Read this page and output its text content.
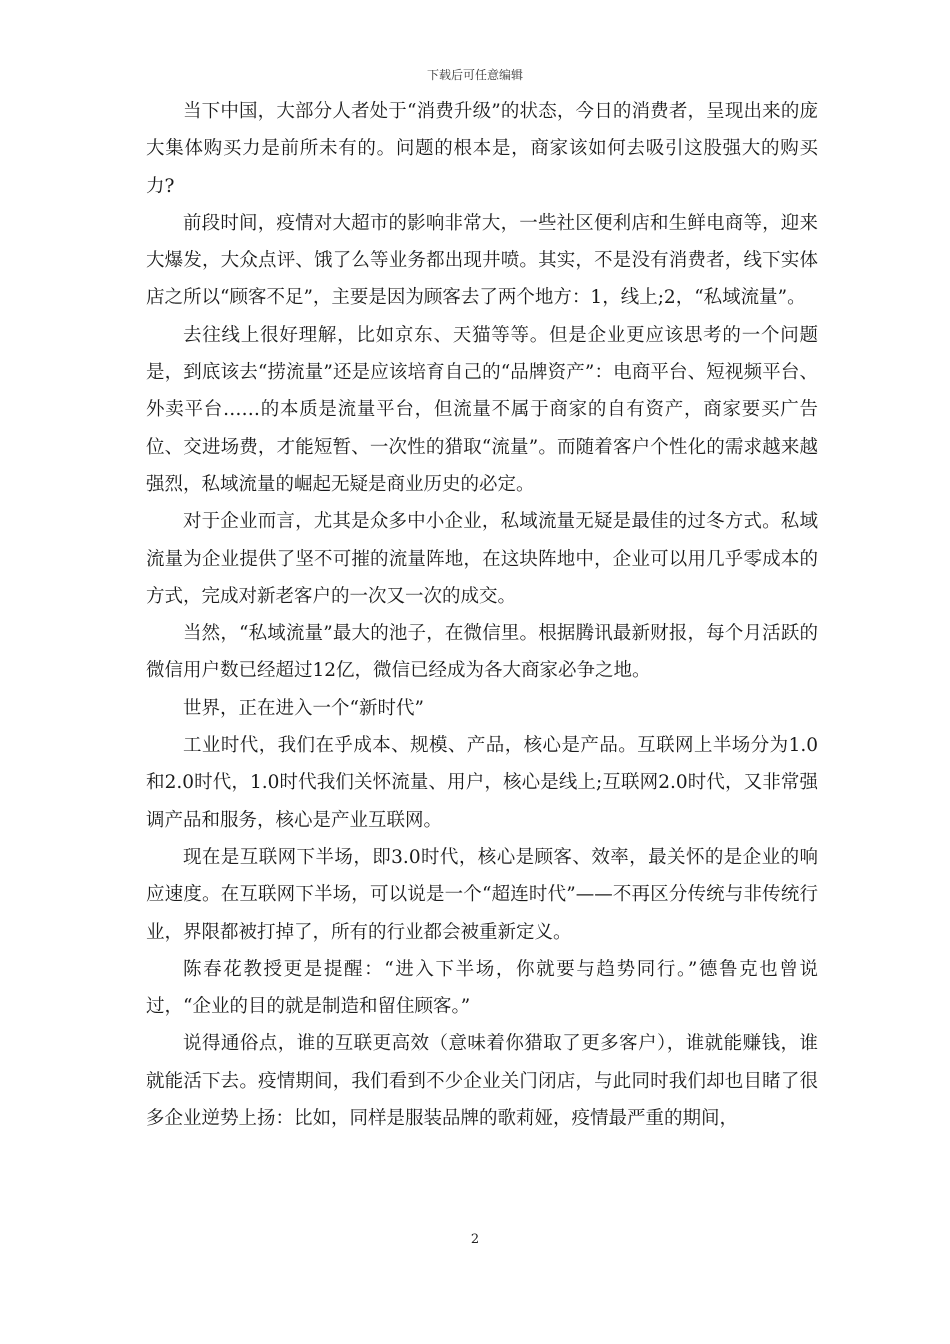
下载后可任意编辑

当下中国，大部分人者处于“消费升级”的状态，今日的消费者，呈现出来的庞大集体购买力是前所未有的。问题的根本是，商家该如何去吸引这股强大的购买力?

前段时间，疫情对大超市的影响非常大，一些社区便利店和生鲜电商等，迎来大爆发，大众点评、饿了么等业务都出现井喷。其实，不是没有消费者，线下实体店之所以“顾客不足”，主要是因为顾客去了两个地方：1，线上;2，“私域流量”。

去往线上很好理解，比如京东、天猫等等。但是企业更应该思考的一个问题是，到底该去“捞流量”还是应该培育自己的“品牌资产”：电商平台、短视频平台、外卖平台……的本质是流量平台，但流量不属于商家的自有资产，商家要买广告位、交进场费，才能短暂、一次性的猎取“流量”。而随着客户个性化的需求越来越强烈，私域流量的崛起无疑是商业历史的必定。

对于企业而言，尤其是众多中小企业，私域流量无疑是最佳的过冬方式。私域流量为企业提供了坚不可摧的流量阵地，在这块阵地中，企业可以用几乎零成本的方式，完成对新老客户的一次又一次的成交。

当然，“私域流量”最大的池子，在微信里。根据腾讯最新财报，每个月活跃的微信用户数已经超过12亿，微信已经成为各大商家必争之地。

世界，正在进入一个“新时代”

工业时代，我们在乎成本、规模、产品，核心是产品。互联网上半场分为1.0和2.0时代，1.0时代我们关怀流量、用户，核心是线上;互联网2.0时代，又非常强调产品和服务，核心是产业互联网。

现在是互联网下半场，即3.0时代，核心是顾客、效率，最关怀的是企业的响应速度。在互联网下半场，可以说是一个“超连时代”——不再区分传统与非传统行业，界限都被打掉了，所有的行业都会被重新定义。

陈春花教授更是提醒：“进入下半场，你就要与趋势同行。”德鲁克也曾说过，“企业的目的就是制造和留住顾客。”

说得通俗点，谁的互联更高效（意味着你猎取了更多客户），谁就能赚钱，谁就能活下去。疫情期间，我们看到不少企业关门闭店，与此同时我们却也目睹了很多企业逆势上扬：比如，同样是服装品牌的歌莉娅，疫情最严重的期间，

2
